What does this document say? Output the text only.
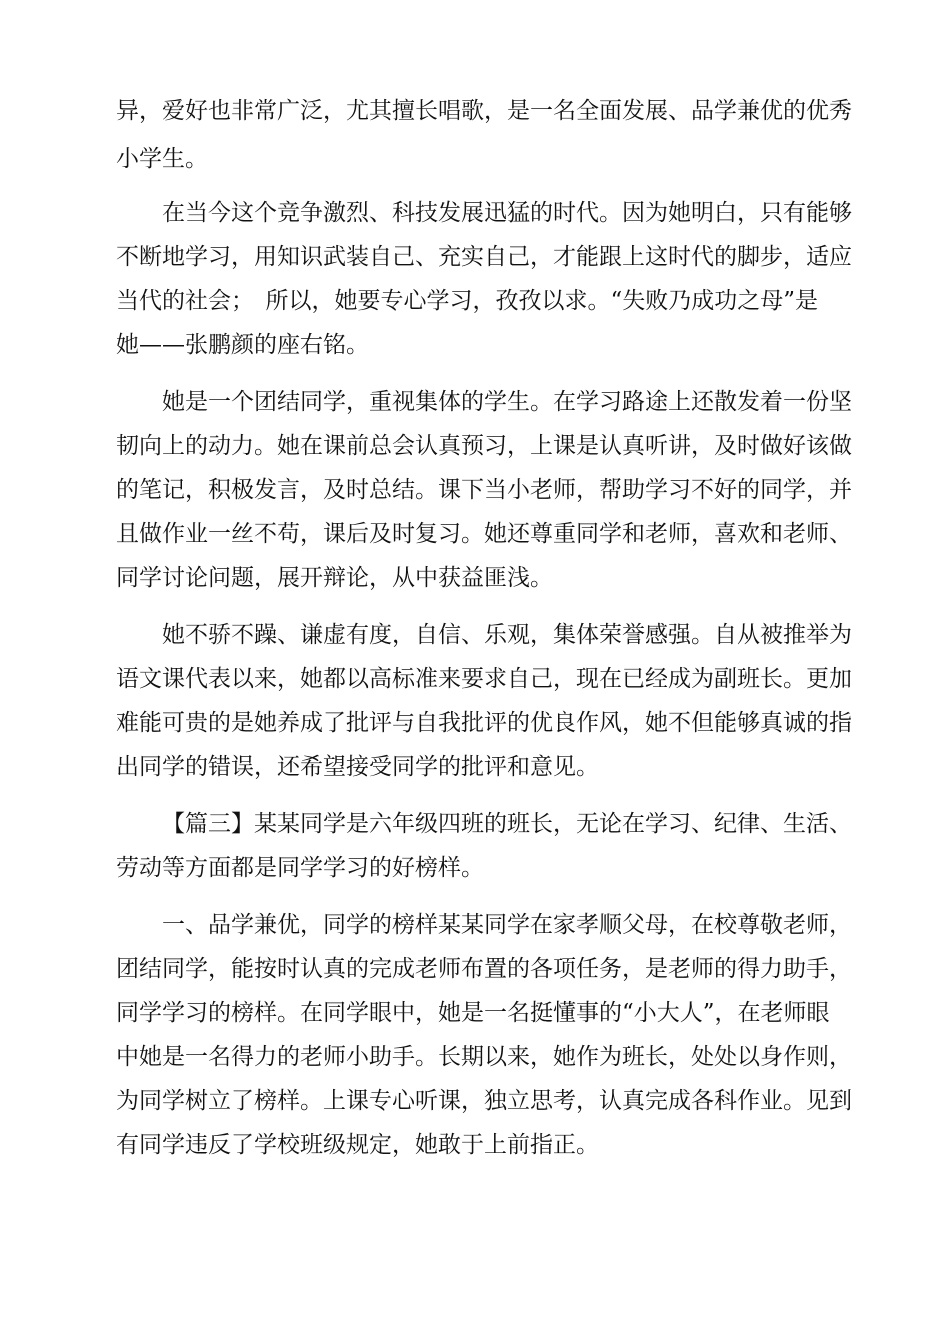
异，爱好也非常广泛，尤其擅长唱歌，是一名全面发展、品学兼优的优秀

小学生。

在当今这个竞争激烈、科技发展迅猛的时代。因为她明白，只有能够

不断地学习，用知识武装自己、充实自己，才能跟上这时代的脚步，适应

当代的社会；　所以，她要专心学习，孜孜以求。“失败乃成功之母”是

她——张鹏颜的座右铭。

她是一个团结同学，重视集体的学生。在学习路途上还散发着一份坚

韧向上的动力。她在课前总会认真预习，上课是认真听讲，及时做好该做

的笔记，积极发言，及时总结。课下当小老师，帮助学习不好的同学，并

且做作业一丝不苟，课后及时复习。她还尊重同学和老师，喜欢和老师、

同学讨论问题，展开辩论，从中获益匪浅。

她不骄不躁、谦虚有度，自信、乐观，集体荣誉感强。自从被推举为

语文课代表以来，她都以高标准来要求自己，现在已经成为副班长。更加

难能可贵的是她养成了批评与自我批评的优良作风，她不但能够真诚的指

出同学的错误，还希望接受同学的批评和意见。

【篇三】某某同学是六年级四班的班长，无论在学习、纪律、生活、

劳动等方面都是同学学习的好榜样。

一、品学兼优，同学的榜样某某同学在家孝顺父母，在校尊敬老师，

团结同学，能按时认真的完成老师布置的各项任务，是老师的得力助手，

同学学习的榜样。在同学眼中，她是一名挺懂事的“小大人”，在老师眼

中她是一名得力的老师小助手。长期以来，她作为班长，处处以身作则，

为同学树立了榜样。上课专心听课，独立思考，认真完成各科作业。见到

有同学违反了学校班级规定，她敢于上前指正。
